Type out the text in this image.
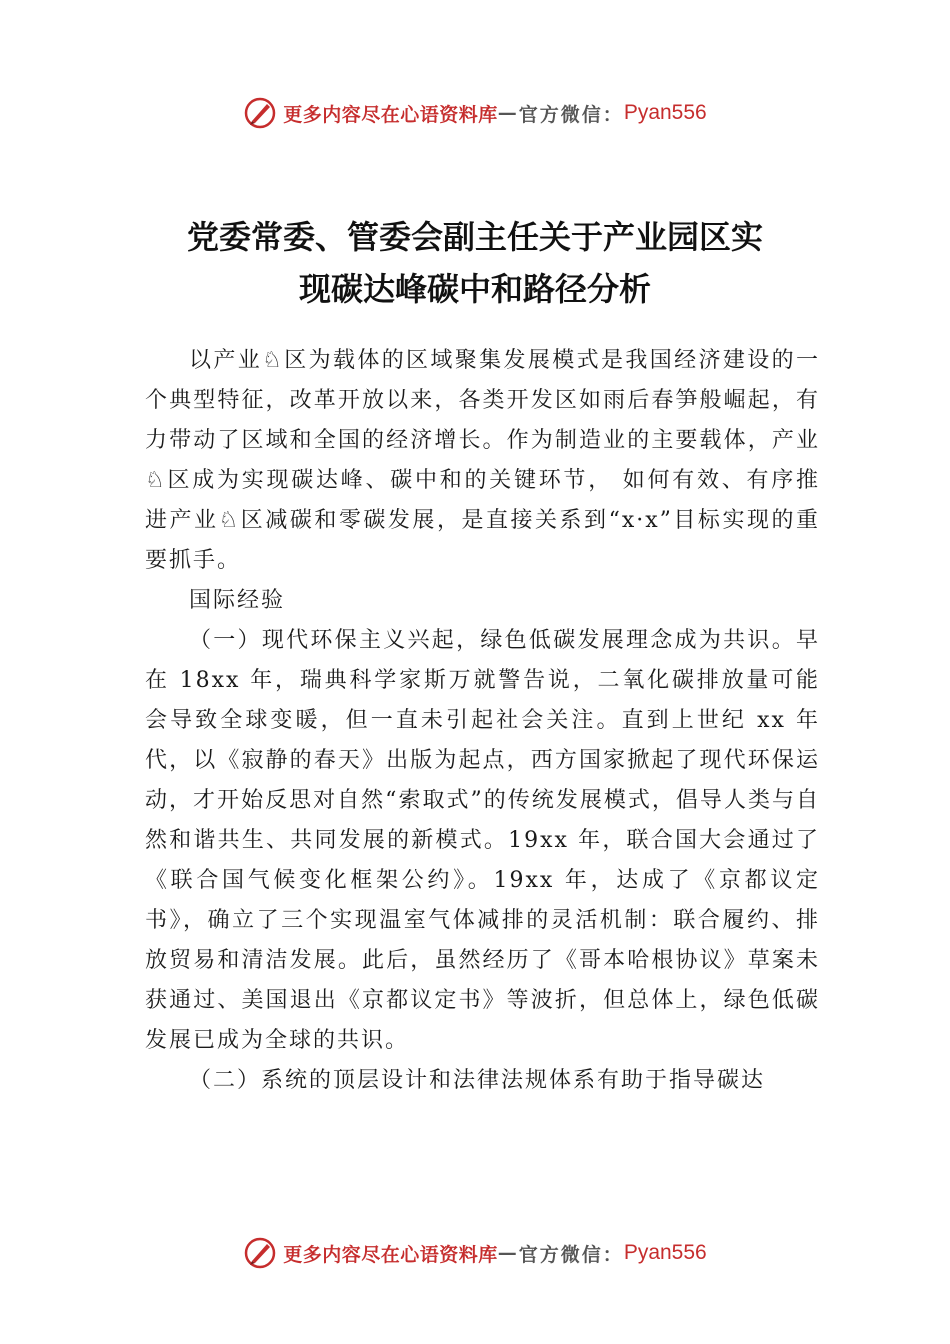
更多内容尽在心语资料库 — 官方微信： Pyan556
党委常委、管委会副主任关于产业园区实
现碳达峰碳中和路径分析

以产业♘区为载体的区域聚集发展模式是我国经济建设的一个典型特征，改革开放以来，各类开发区如雨后春笋般崛起，有力带动了区域和全国的经济增长。作为制造业的主要载体，产业♘区成为实现碳达峰、碳中和的关键环节， 如何有效、有序推进产业♘区减碳和零碳发展，是直接关系到“x·x”目标实现的重要抓手。

国际经验

（一）现代环保主义兴起，绿色低碳发展理念成为共识。早在 18xx 年，瑞典科学家斯万就警告说，二氧化碳排放量可能会导致全球变暖，但一直未引起社会关注。直到上世纪 xx 年代，以《寂静的春天》出版为起点，西方国家掀起了现代环保运动，才开始反思对自然“索取式”的传统发展模式，倡导人类与自然和谐共生、共同发展的新模式。19xx 年，联合国大会通过了《联合国气候变化框架公约》。19xx 年，达成了《京都议定书》，确立了三个实现温室气体减排的灵活机制：联合履约、排放贸易和清洁发展。此后，虽然经历了《哥本哈根协议》草案未获通过、美国退出《京都议定书》等波折，但总体上，绿色低碳发展已成为全球的共识。

（二）系统的顶层设计和法律法规体系有助于指导碳达

更多内容尽在心语资料库 — 官方微信： Pyan556
